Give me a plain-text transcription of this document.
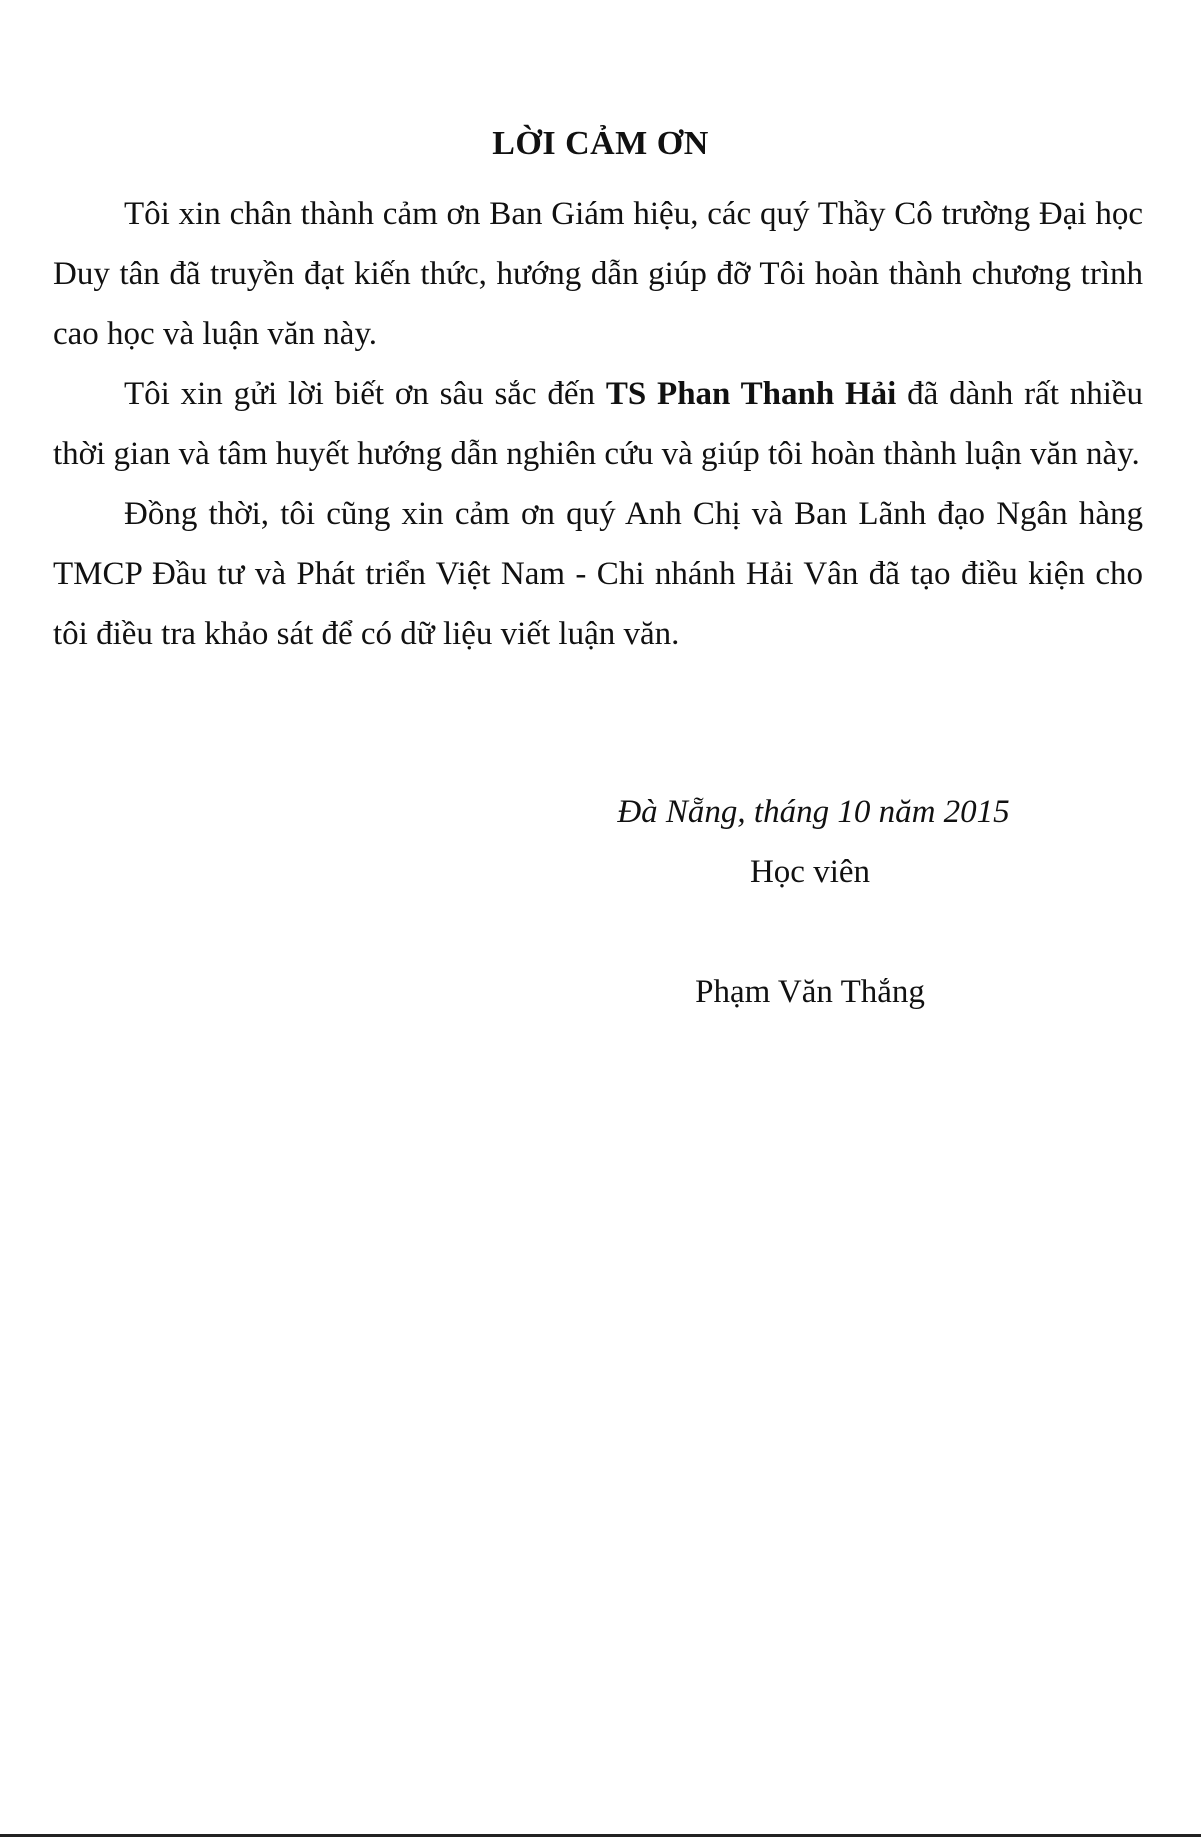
LỜI CẢM ƠN

Tôi xin chân thành cảm ơn Ban Giám hiệu, các quý Thầy Cô trường Đại học Duy tân đã truyền đạt kiến thức, hướng dẫn giúp đỡ Tôi hoàn thành chương trình cao học và luận văn này.

Tôi xin gửi lời biết ơn sâu sắc đến TS Phan Thanh Hải đã dành rất nhiều thời gian và tâm huyết hướng dẫn nghiên cứu và giúp tôi hoàn thành luận văn này.

Đồng thời, tôi cũng xin cảm ơn quý Anh Chị và Ban Lãnh đạo Ngân hàng TMCP Đầu tư và Phát triển Việt Nam - Chi nhánh Hải Vân đã tạo điều kiện cho tôi điều tra khảo sát để có dữ liệu viết luận văn.

Đà Nẵng, tháng 10 năm 2015
Học viên
Phạm Văn Thắng
